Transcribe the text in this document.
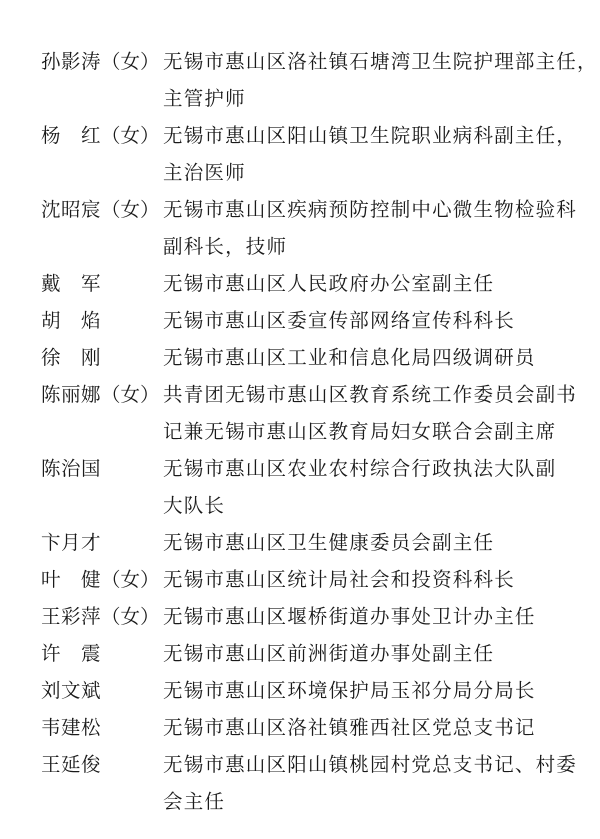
孙影涛（女） 无锡市惠山区洛社镇石塘湾卫生院护理部主任，
主管护师
杨　红（女） 无锡市惠山区阳山镇卫生院职业病科副主任，
主治医师
沈昭宸（女） 无锡市惠山区疾病预防控制中心微生物检验科
副科长，技师
戴　军	无锡市惠山区人民政府办公室副主任
胡　焰	无锡市惠山区委宣传部网络宣传科科长
徐　刚	无锡市惠山区工业和信息化局四级调研员
陈丽娜（女） 共青团无锡市惠山区教育系统工作委员会副书
记兼无锡市惠山区教育局妇女联合会副主席
陈治国	无锡市惠山区农业农村综合行政执法大队副
大队长
卞月才	无锡市惠山区卫生健康委员会副主任
叶　健（女） 无锡市惠山区统计局社会和投资科科长
王彩萍（女） 无锡市惠山区堰桥街道办事处卫计办主任
许　震	无锡市惠山区前洲街道办事处副主任
刘文斌	无锡市惠山区环境保护局玉祁分局分局长
韦建松	无锡市惠山区洛社镇雅西社区党总支书记
王延俊	无锡市惠山区阳山镇桃园村党总支书记、村委
会主任
